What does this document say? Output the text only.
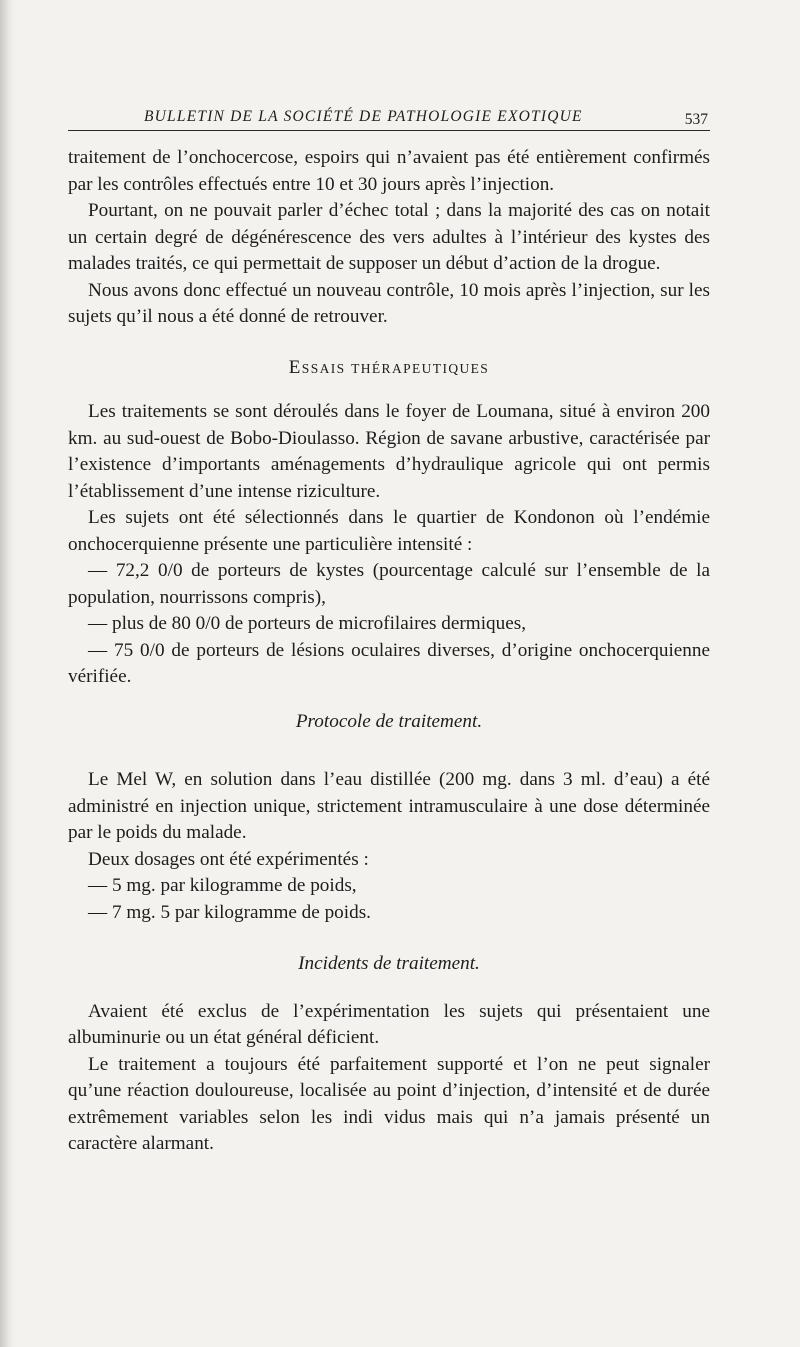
BULLETIN DE LA SOCIÉTÉ DE PATHOLOGIE EXOTIQUE	537

traitement de l’onchocercose, espoirs qui n’avaient pas été entièrement confirmés par les contrôles effectués entre 10 et 30 jours après l’injection.

Pourtant, on ne pouvait parler d’échec total ; dans la majorité des cas on notait un certain degré de dégénérescence des vers adultes à l’intérieur des kystes des malades traités, ce qui permettait de supposer un début d’action de la drogue.

Nous avons donc effectué un nouveau contrôle, 10 mois après l’injection, sur les sujets qu’il nous a été donné de retrouver.

ESSAIS THÉRAPEUTIQUES

Les traitements se sont déroulés dans le foyer de Loumana, situé à environ 200 km. au sud-ouest de Bobo-Dioulasso. Région de savane arbustive, caractérisée par l’existence d’importants aménagements d’hydraulique agricole qui ont permis l’établissement d’une intense riziculture.

Les sujets ont été sélectionnés dans le quartier de Kondonon où l’endémie onchocerquienne présente une particulière intensité :

— 72,2 0/0 de porteurs de kystes (pourcentage calculé sur l’ensemble de la population, nourrissons compris),

— plus de 80 0/0 de porteurs de microfilaires dermiques,

— 75 0/0 de porteurs de lésions oculaires diverses, d’origine onchocerquienne vérifiée.

Protocole de traitement.

Le Mel W, en solution dans l’eau distillée (200 mg. dans 3 ml. d’eau) a été administré en injection unique, strictement intramusculaire à une dose déterminée par le poids du malade.

Deux dosages ont été expérimentés :

— 5 mg. par kilogramme de poids,

— 7 mg. 5 par kilogramme de poids.

Incidents de traitement.

Avaient été exclus de l’expérimentation les sujets qui présentaient une albuminurie ou un état général déficient.

Le traitement a toujours été parfaitement supporté et l’on ne peut signaler qu’une réaction douloureuse, localisée au point d’injection, d’intensité et de durée extrêmement variables selon les indi vidus mais qui n’a jamais présenté un caractère alarmant.
